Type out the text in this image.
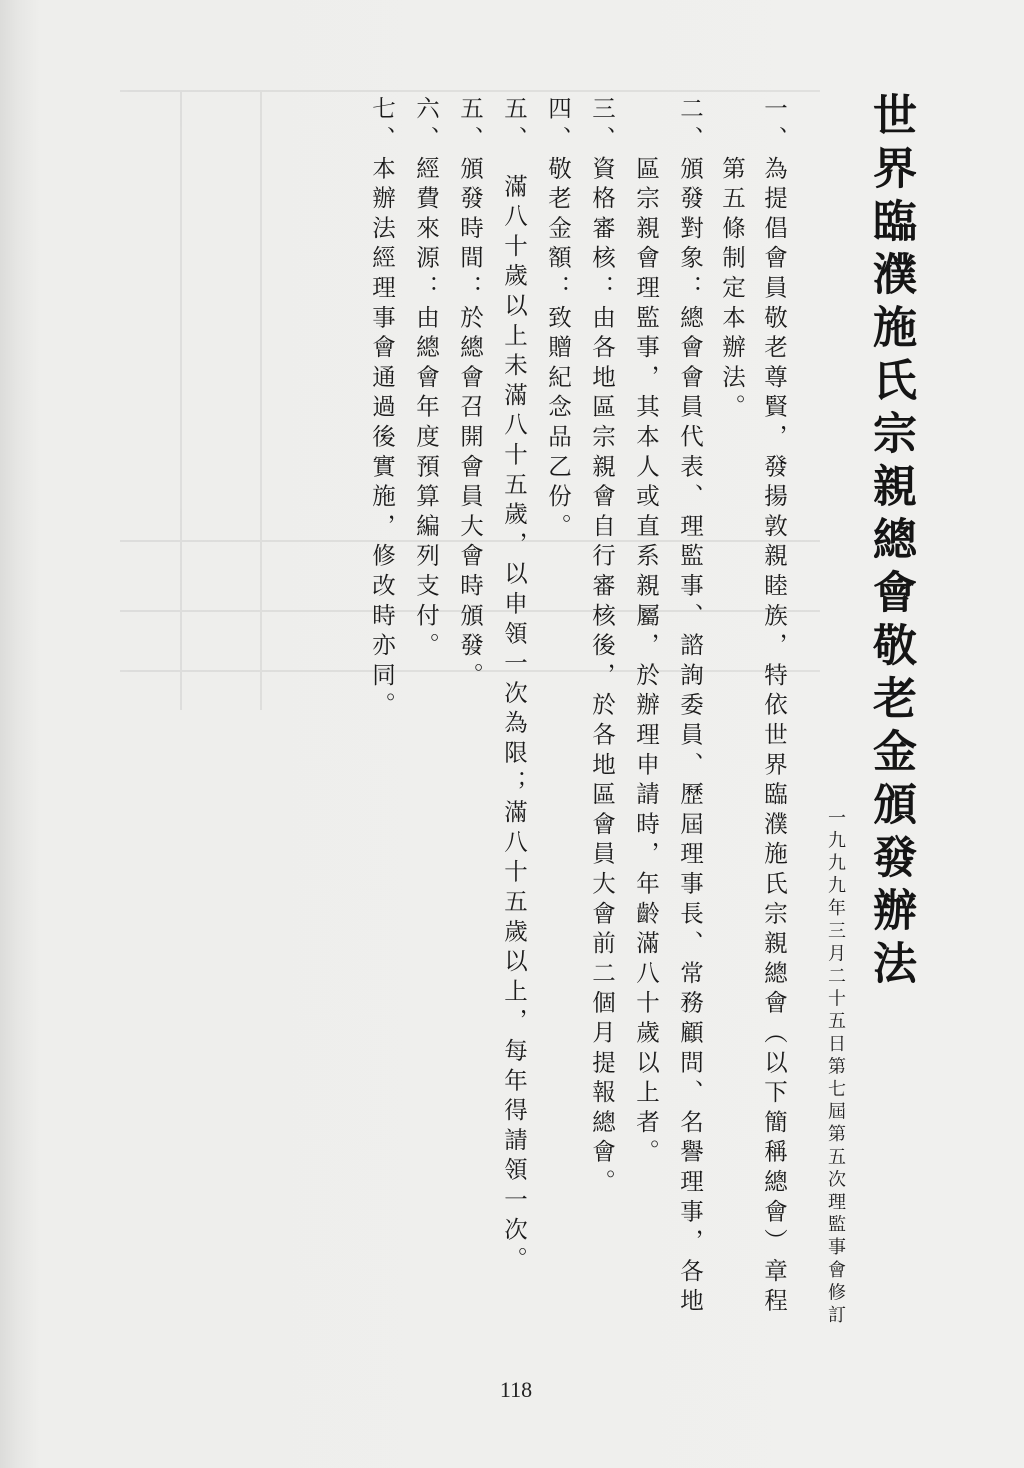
世界臨濮施氏宗親總會敬老金頒發辦法
一九九九年三月二十五日第七屆第五次理監事會修訂
一、為提倡會員敬老尊賢，發揚敦親睦族，特依世界臨濮施氏宗親總會（以下簡稱總會）章程
　　第五條制定本辦法。
二、頒發對象：總會會員代表、理監事、諮詢委員、歷屆理事長、常務顧問、名譽理事，各地
　　區宗親會理監事，其本人或直系親屬，於辦理申請時，年齡滿八十歲以上者。
三、資格審核：由各地區宗親會自行審核後，於各地區會員大會前二個月提報總會。
四、敬老金額：致贈紀念品乙份。
五、　滿八十歲以上未滿八十五歲，以申領一次為限；滿八十五歲以上，每年得請領一次。
五、頒發時間：於總會召開會員大會時頒發。
六、經費來源：由總會年度預算編列支付。
七、本辦法經理事會通過後實施，修改時亦同。
118
